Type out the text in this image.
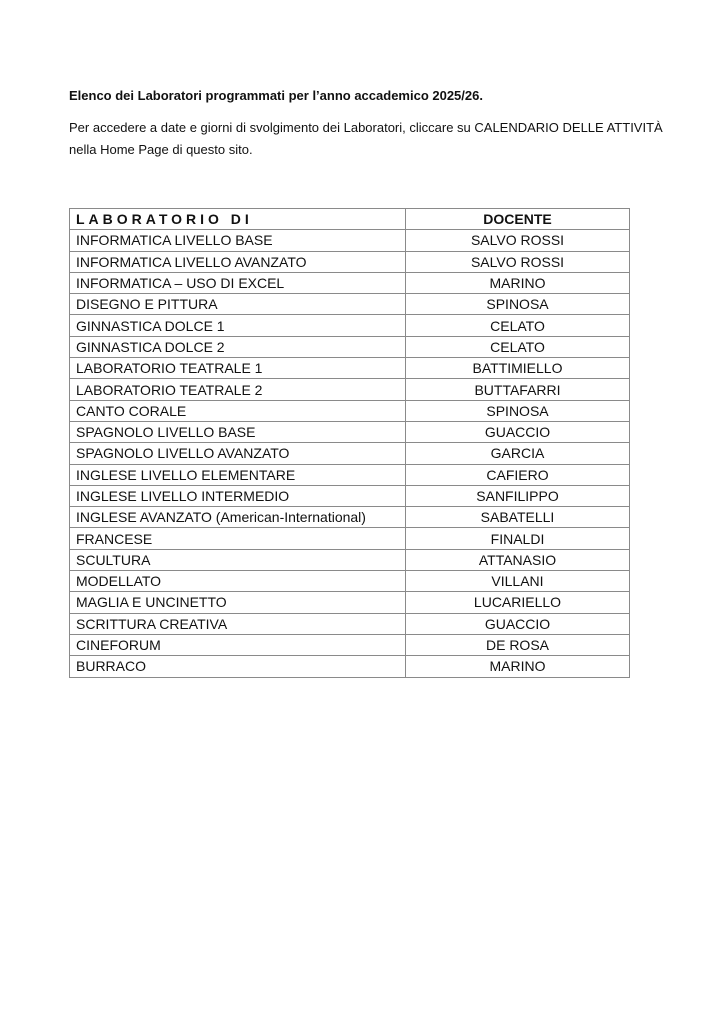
Elenco dei Laboratori programmati per l’anno accademico 2025/26.

Per accedere a date e giorni di svolgimento dei Laboratori, cliccare su CALENDARIO DELLE ATTIVITÀ nella Home Page di questo sito.

LABORATORIO DI	DOCENTE
INFORMATICA LIVELLO BASE	SALVO ROSSI
INFORMATICA LIVELLO AVANZATO	SALVO ROSSI
INFORMATICA – USO DI EXCEL	MARINO
DISEGNO E PITTURA	SPINOSA
GINNASTICA DOLCE 1	CELATO
GINNASTICA DOLCE 2	CELATO
LABORATORIO TEATRALE 1	BATTIMIELLO
LABORATORIO TEATRALE 2	BUTTAFARRI
CANTO CORALE	SPINOSA
SPAGNOLO LIVELLO BASE	GUACCIO
SPAGNOLO LIVELLO AVANZATO	GARCIA
INGLESE LIVELLO ELEMENTARE	CAFIERO
INGLESE LIVELLO INTERMEDIO	SANFILIPPO
INGLESE AVANZATO (American-International)	SABATELLI
FRANCESE	FINALDI
SCULTURA	ATTANASIO
MODELLATO	VILLANI
MAGLIA E UNCINETTO	LUCARIELLO
SCRITTURA CREATIVA	GUACCIO
CINEFORUM	DE ROSA
BURRACO	MARINO
